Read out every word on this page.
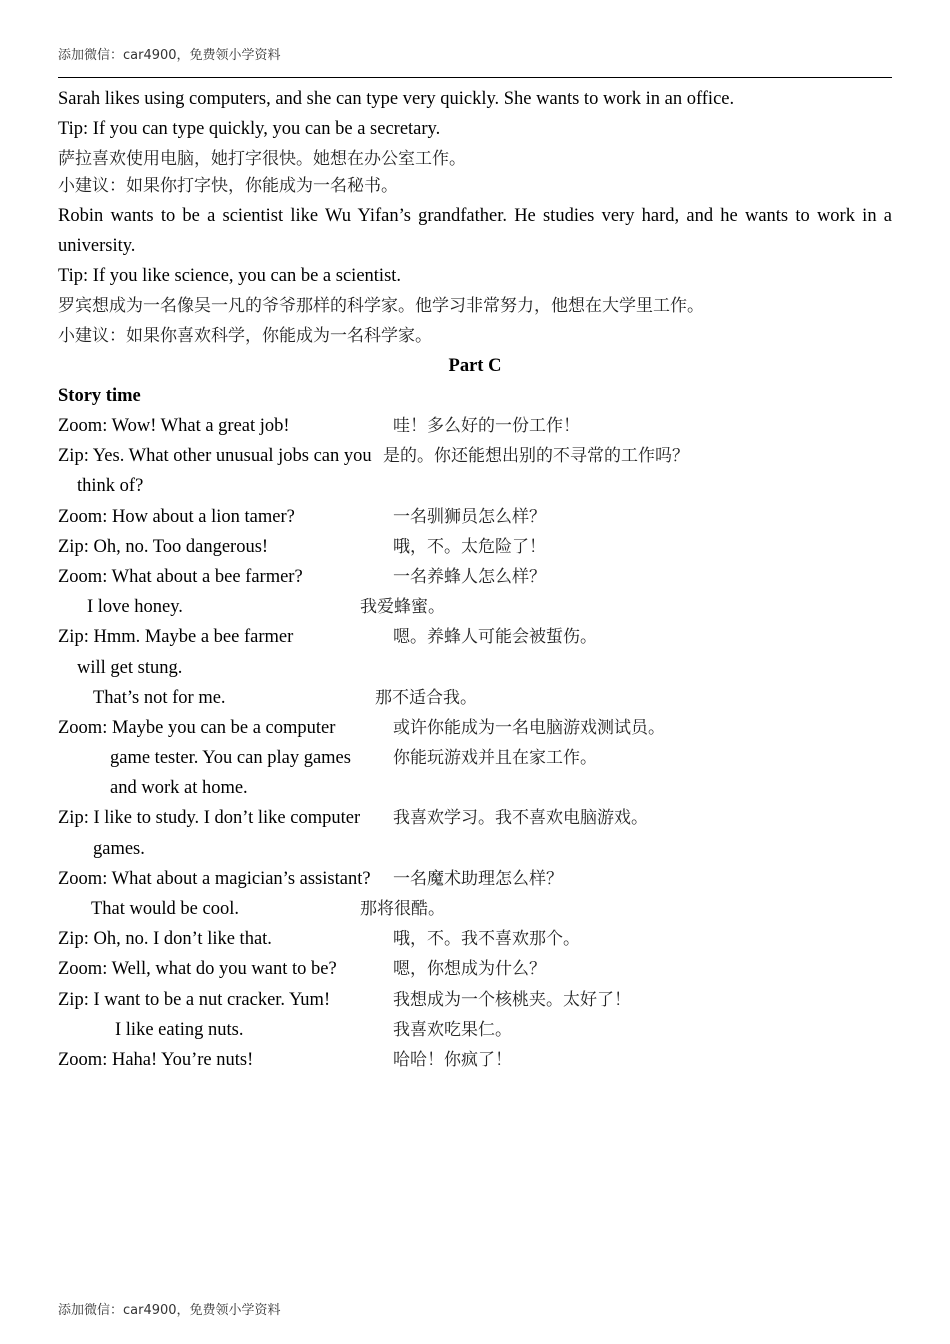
添加微信：car4900，免费领小学资料

Sarah likes using computers, and she can type very quickly. She wants to work in an office.

Tip: If you can type quickly, you can be a secretary.

萨拉喜欢使用电脑，她打字很快。她想在办公室工作。
小建议：如果你打字快，你能成为一名秘书。

Robin wants to be a scientist like Wu Yifan’s grandfather. He studies very hard, and he wants to work in a university.

Tip: If you like science, you can be a scientist.

罗宾想成为一名像吴一凡的爷爷那样的科学家。他学习非常努力，他想在大学里工作。
小建议：如果你喜欢科学，你能成为一名科学家。

Part C

Story time

Zoom: Wow! What a great job!	哇！多么好的一份工作！
Zip: Yes. What other unusual jobs can you 是的。你还能想出别的不寻常的工作吗？
think of?
Zoom: How about a lion tamer?	一名驯狮员怎么样？
Zip: Oh, no. Too dangerous!	哦，不。太危险了！
Zoom: What about a bee farmer?	一名养蜂人怎么样？
I love honey.	我爱蜂蜜。
Zip: Hmm. Maybe a bee farmer	嗯。养蜂人可能会被蜇伤。
will get stung.
That’s not for me.	那不适合我。
Zoom: Maybe you can be a computer	或许你能成为一名电脑游戏测试员。
game tester. You can play games 你能玩游戏并且在家工作。
and work at home.
Zip: I like to study. I don’t like computer 我喜欢学习。我不喜欢电脑游戏。
games.
Zoom: What about a magician’s assistant? 一名魔术助理怎么样？
That would be cool.	那将很酷。
Zip: Oh, no. I don’t like that.	哦，不。我不喜欢那个。
Zoom: Well, what do you want to be?	嗯，你想成为什么？
Zip: I want to be a nut cracker. Yum!	我想成为一个核桃夹。太好了！
I like eating nuts.	我喜欢吃果仁。
Zoom: Haha! You’re nuts!	哈哈！你疯了！
添加微信：car4900，免费领小学资料
